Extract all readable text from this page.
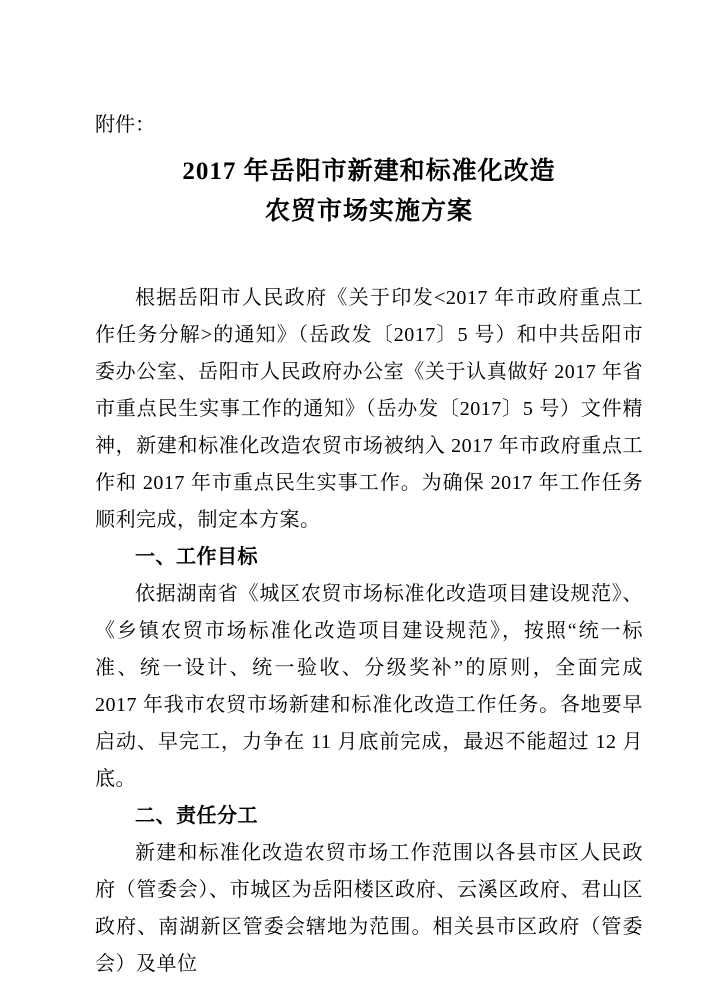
附件：
2017 年岳阳市新建和标准化改造
农贸市场实施方案

根据岳阳市人民政府《关于印发<2017 年市政府重点工作任务分解>的通知》（岳政发〔2017〕5 号）和中共岳阳市委办公室、岳阳市人民政府办公室《关于认真做好 2017 年省市重点民生实事工作的通知》（岳办发〔2017〕5 号）文件精神，新建和标准化改造农贸市场被纳入 2017 年市政府重点工作和 2017 年市重点民生实事工作。为确保 2017 年工作任务顺利完成，制定本方案。

一、工作目标

依据湖南省《城区农贸市场标准化改造项目建设规范》、《乡镇农贸市场标准化改造项目建设规范》，按照“统一标准、统一设计、统一验收、分级奖补”的原则，全面完成 2017 年我市农贸市场新建和标准化改造工作任务。各地要早启动、早完工，力争在 11 月底前完成，最迟不能超过 12 月底。

二、责任分工

新建和标准化改造农贸市场工作范围以各县市区人民政府（管委会）、市城区为岳阳楼区政府、云溪区政府、君山区政府、南湖新区管委会辖地为范围。相关县市区政府（管委会）及单位
